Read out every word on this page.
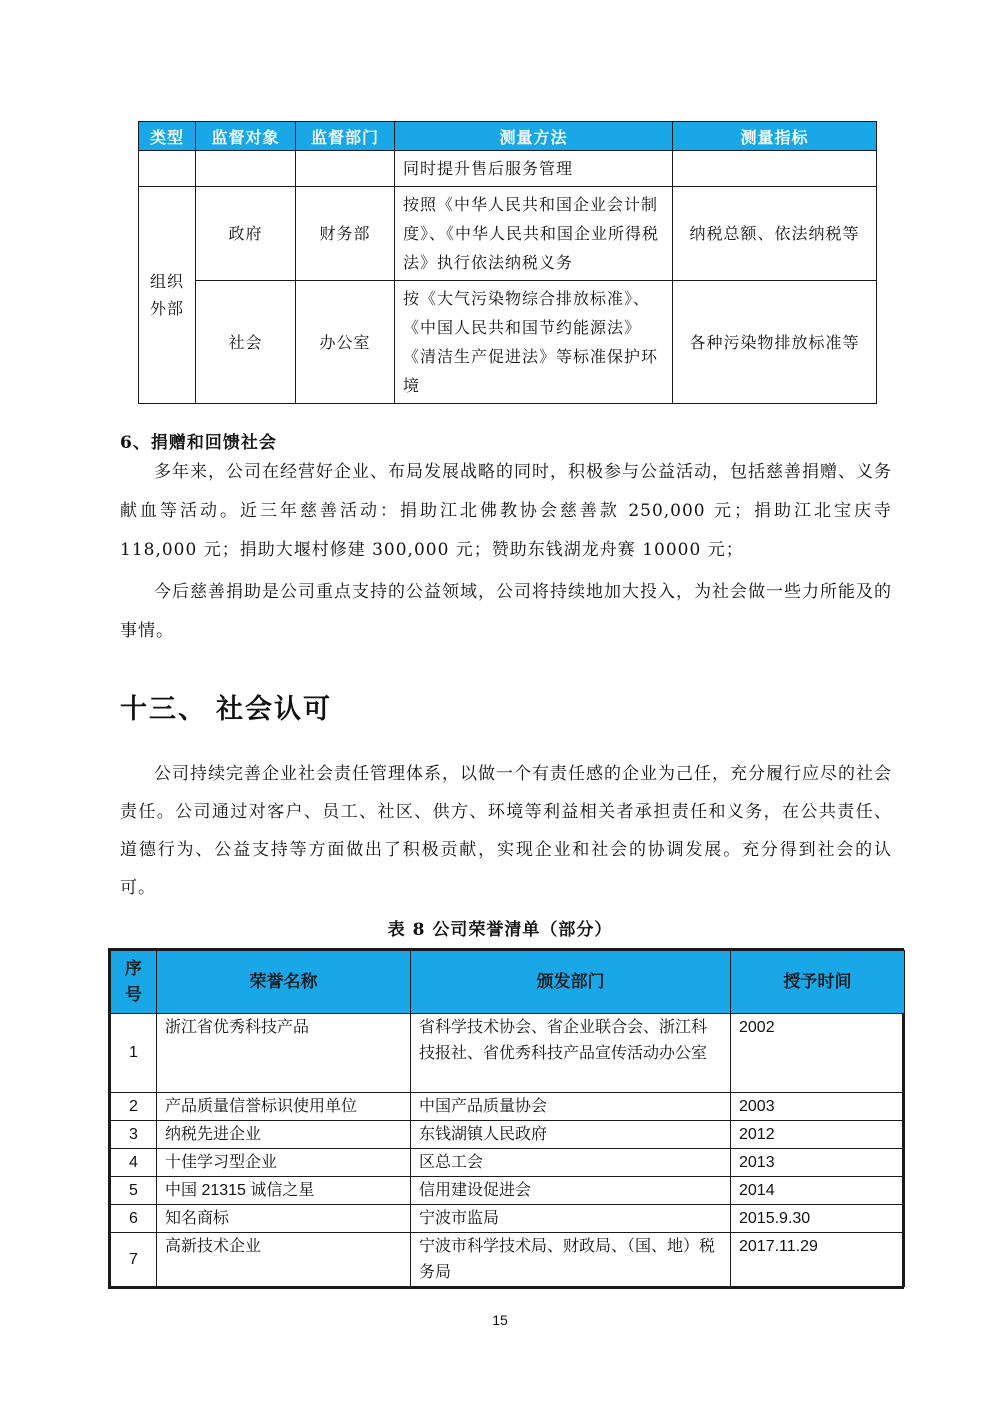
类型	监督对象	监督部门	测量方法	测量指标
			同时提升售后服务管理	
组织外部	政府	财务部	按照《中华人民共和国企业会计制度》、《中华人民共和国企业所得税法》执行依法纳税义务	纳税总额、依法纳税等
	社会	办公室	按《大气污染物综合排放标准》、《中国人民共和国节约能源法》《清洁生产促进法》等标准保护环境	各种污染物排放标准等
6、捐赠和回馈社会

多年来，公司在经营好企业、布局发展战略的同时，积极参与公益活动，包括慈善捐赠、义务献血等活动。近三年慈善活动：捐助江北佛教协会慈善款 250,000 元；捐助江北宝庆寺 118,000 元；捐助大堰村修建 300,000 元；赞助东钱湖龙舟赛 10000 元；

今后慈善捐助是公司重点支持的公益领域，公司将持续地加大投入，为社会做一些力所能及的事情。

十三、 社会认可

公司持续完善企业社会责任管理体系，以做一个有责任感的企业为己任，充分履行应尽的社会责任。公司通过对客户、员工、社区、供方、环境等利益相关者承担责任和义务，在公共责任、道德行为、公益支持等方面做出了积极贡献，实现企业和社会的协调发展。充分得到社会的认可。

表 8 公司荣誉清单（部分）
序号	荣誉名称	颁发部门	授予时间
1	浙江省优秀科技产品	省科学技术协会、省企业联合会、浙江科技报社、省优秀科技产品宣传活动办公室	2002
2	产品质量信誉标识使用单位	中国产品质量协会	2003
3	纳税先进企业	东钱湖镇人民政府	2012
4	十佳学习型企业	区总工会	2013
5	中国 21315 诚信之星	信用建设促进会	2014
6	知名商标	宁波市监局	2015.9.30
7	高新技术企业	宁波市科学技术局、财政局、（国、地）税务局	2017.11.29
15
